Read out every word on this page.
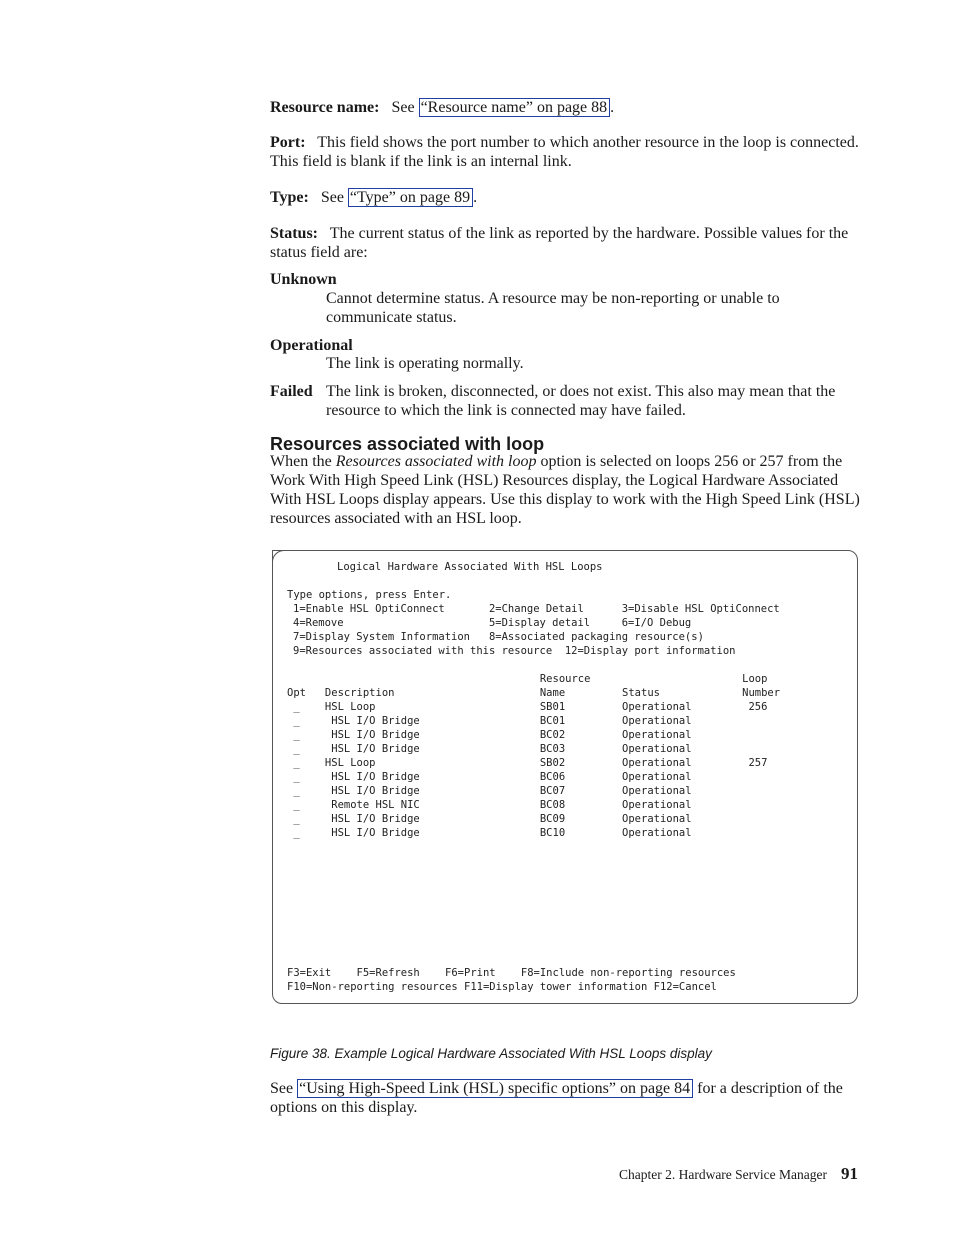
Resource name: See “Resource name” on page 88 .
Port: This field shows the port number to which another resource in the loop is connected. This field is blank if the link is an internal link.
Type: See “Type” on page 89 .
Status: The current status of the link as reported by the hardware. Possible values for the status field are:
Unknown
Cannot determine status. A resource may be non-reporting or unable to communicate status.
Operational
The link is operating normally.
Failed The link is broken, disconnected, or does not exist. This also may mean that the resource to which the link is connected may have failed.
Resources associated with loop
When the Resources associated with loop option is selected on loops 256 or 257 from the Work With High Speed Link (HSL) Resources display, the Logical Hardware Associated With HSL Loops display appears. Use this display to work with the High Speed Link (HSL) resources associated with an HSL loop.
Logical Hardware Associated With HSL Loops
Type options, press Enter.
1=Enable HSL OptiConnect       2=Change Detail      3=Disable HSL OptiConnect
4=Remove                       5=Display detail     6=I/O Debug
7=Display System Information   8=Associated packaging resource(s)
9=Resources associated with this resource  12=Display port information
Resource                        Loop
Opt   Description                       Name         Status             Number
_    HSL Loop                          SB01         Operational         256
_     HSL I/O Bridge                   BC01         Operational
_     HSL I/O Bridge                   BC02         Operational
_     HSL I/O Bridge                   BC03         Operational
_    HSL Loop                          SB02         Operational         257
_     HSL I/O Bridge                   BC06         Operational
_     HSL I/O Bridge                   BC07         Operational
_     Remote HSL NIC                   BC08         Operational
_     HSL I/O Bridge                   BC09         Operational
_     HSL I/O Bridge                   BC10         Operational
F3=Exit    F5=Refresh    F6=Print    F8=Include non-reporting resources
F10=Non-reporting resources F11=Display tower information F12=Cancel
Figure 38. Example Logical Hardware Associated With HSL Loops display
See “Using High-Speed Link (HSL) specific options” on page 84 for a description of the options on this display.
Chapter 2. Hardware Service Manager 91
